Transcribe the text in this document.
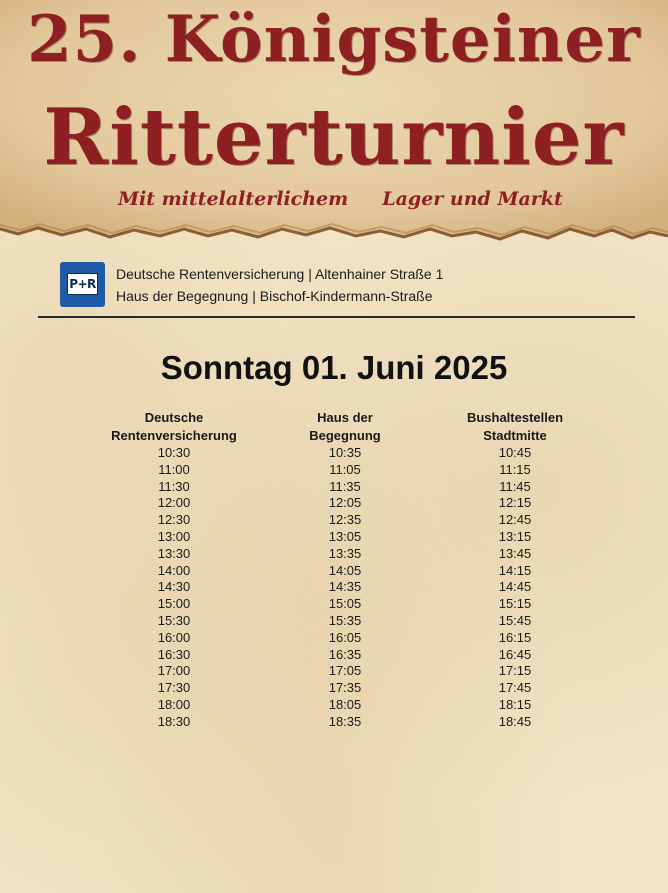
25. Königsteiner
Ritterturnier
Mit mittelalterlichem Lager und Markt
P+R
Deutsche Rentenversicherung | Altenhainer Straße 1
Haus der Begegnung | Bischof-Kindermann-Straße
Sonntag 01. Juni 2025
Deutsche
Rentenversicherung
10:30
11:00
11:30
12:00
12:30
13:00
13:30
14:00
14:30
15:00
15:30
16:00
16:30
17:00
17:30
18:00
18:30
Haus der
Begegnung
10:35
11:05
11:35
12:05
12:35
13:05
13:35
14:05
14:35
15:05
15:35
16:05
16:35
17:05
17:35
18:05
18:35
Bushaltestellen
Stadtmitte
10:45
11:15
11:45
12:15
12:45
13:15
13:45
14:15
14:45
15:15
15:45
16:15
16:45
17:15
17:45
18:15
18:45
